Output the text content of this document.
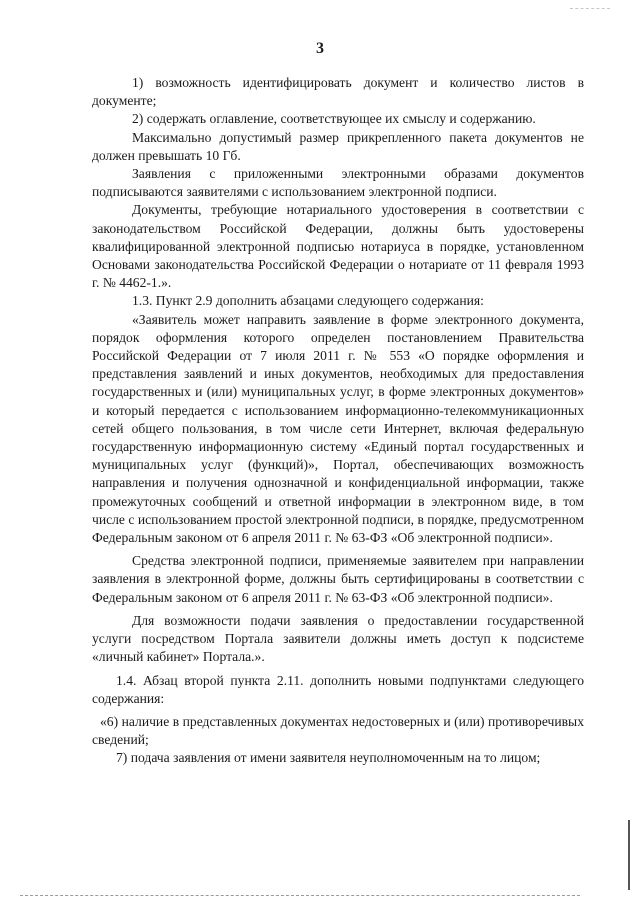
3

1) возможность идентифицировать документ и количество листов в документе;

2) содержать оглавление, соответствующее их смыслу и содержанию.

Максимально допустимый размер прикрепленного пакета документов не должен превышать 10 Гб.

Заявления с приложенными электронными образами документов подписываются заявителями с использованием электронной подписи.

Документы, требующие нотариального удостоверения в соответствии с законодательством Российской Федерации, должны быть удостоверены квалифицированной электронной подписью нотариуса в порядке, установленном Основами законодательства Российской Федерации о нотариате от 11 февраля 1993 г. № 4462-1.».

1.3. Пункт 2.9 дополнить абзацами следующего содержания:

«Заявитель может направить заявление в форме электронного документа, порядок оформления которого определен постановлением Правительства Российской Федерации от 7 июля 2011 г. № 553 «О порядке оформления и представления заявлений и иных документов, необходимых для предоставления государственных и (или) муниципальных услуг, в форме электронных документов» и который передается с использованием информационно-телекоммуникационных сетей общего пользования, в том числе сети Интернет, включая федеральную государственную информационную систему «Единый портал государственных и муниципальных услуг (функций)», Портал, обеспечивающих возможность направления и получения однозначной и конфиденциальной информации, также промежуточных сообщений и ответной информации в электронном виде, в том числе с использованием простой электронной подписи, в порядке, предусмотренном Федеральным законом от 6 апреля 2011 г. № 63-ФЗ «Об электронной подписи».

Средства электронной подписи, применяемые заявителем при направлении заявления в электронной форме, должны быть сертифицированы в соответствии с Федеральным законом от 6 апреля 2011 г. № 63-ФЗ «Об электронной подписи».

Для возможности подачи заявления о предоставлении государственной услуги посредством Портала заявители должны иметь доступ к подсистеме «личный кабинет» Портала.».

1.4. Абзац второй пункта 2.11. дополнить новыми подпунктами следующего содержания:

«6) наличие в представленных документах недостоверных и (или) противоречивых сведений;

7) подача заявления от имени заявителя неуполномоченным на то лицом;
